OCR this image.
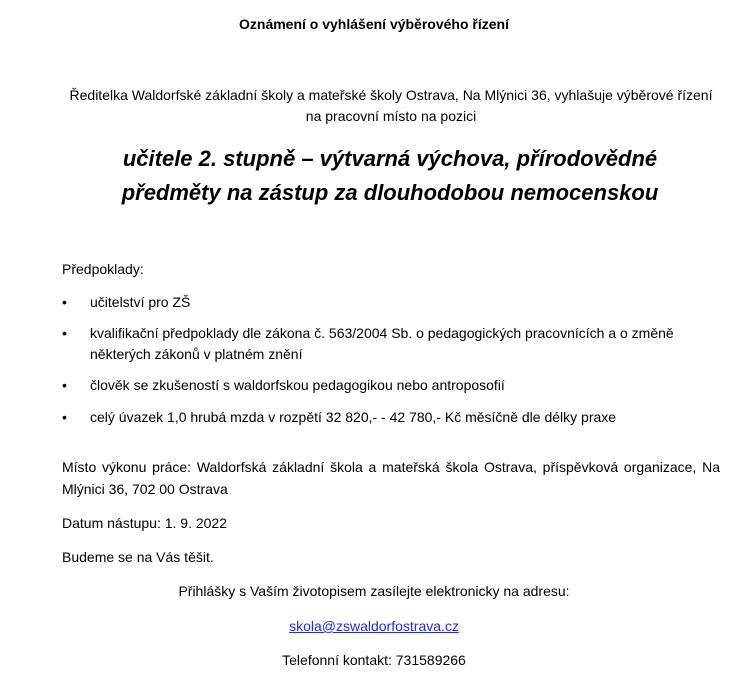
Oznámení o vyhlášení výběrového řízení
Ředitelka Waldorfské základní školy a mateřské školy Ostrava, Na Mlýnici 36, vyhlašuje výběrové řízení na pracovní místo na pozici
učitele 2. stupně – výtvarná výchova, přírodovědné
předměty na zástup za dlouhodobou nemocenskou
Předpoklady:
•	učitelství pro ZŠ
•	kvalifikační předpoklady dle zákona č. 563/2004 Sb. o pedagogických pracovnících a o změně některých zákonů v platném znění
•	člověk se zkušeností s waldorfskou pedagogikou nebo antroposofií
•	celý úvazek 1,0 hrubá mzda v rozpětí 32 820,- - 42 780,- Kč měsíčně dle délky praxe
Místo výkonu práce: Waldorfská základní škola a mateřská škola Ostrava, příspěvková organizace, Na Mlýnici 36, 702 00 Ostrava
Datum nástupu: 1. 9. 2022
Budeme se na Vás těšit.
Přihlášky s Vaším životopisem zasílejte elektronicky na adresu:
skola@zswaldorfostrava.cz
Telefonní kontakt: 731589266
